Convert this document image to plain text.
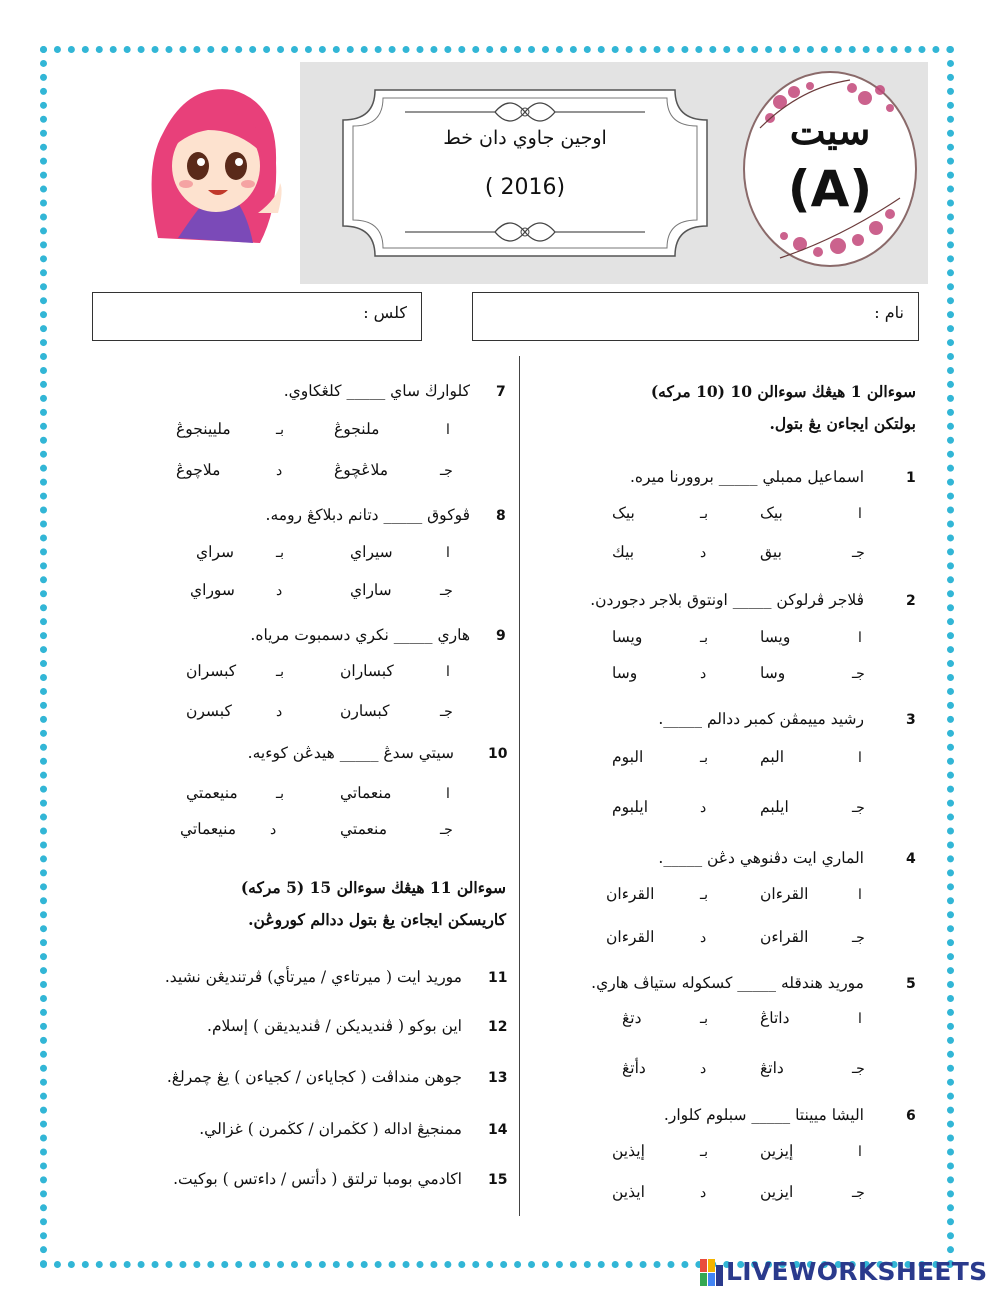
اوجين جاوي دان خط
( 2016)
سيت
(A)
كلس :	نام :
سوءالن 1 هيڠڬ سوءالن 10 (10 مركه)
بولتكن ايجاءن يڠ بتول.
1
اسماعيل ممبلي _____ بروورنا ميره.
ا
بيک
بـ
بيک
جـ
بيق
د
بيك
2
ڤلاجر ڤرلوكن _____ اونتوق بلاجر دجوردن.
ا
ويسا
بـ
ويسا
جـ
وسا
د
وسا
3
رشيد مييمڤن كمبر ددالم _____.
ا
البم
بـ
البوم
جـ
ايلبم
د
ايلبوم
4
الماري ايت دڤنوهي دڠن _____.
ا
القرءان
بـ
القرءان
جـ
القراءن
د
القرءان
5
موريد هندقله _____ كسكوله ستياڤ هاري.
ا
داتاڠ
بـ
دتڠ
جـ
داتڠ
د
دأتڠ
6
اليشا ميينتا _____ سبلوم كلوار.
ا
إيزين
بـ
إيذين
جـ
ايزين
د
ايذين
7
كلوارڬ ساي _____ كلڠكاوي.
ا
ملنجوڠ
بـ
مليينجوڠ
جـ
ملاڠچوڠ
د
ملاچوڠ
8
ڤوكوق _____ دتانم دبلاكڠ رومه.
ا
سيراي
بـ
سراي
جـ
ساراي
د
سوراي
9
هاري _____ نكري دسمبوت مرياه.
ا
كبساران
بـ
كبسران
جـ
كبسارن
د
كبسرن
10
سيتي سدڠ _____ هيدڠن كوءيه.
ا
منعماتي
بـ
منيعمتي
جـ
منعمتي
د
منيعماتي
سوءالن 11 هيڠڬ سوءالن 15 (5 مركه)
كاريسكن ايجاءن يڠ بتول ددالم كوروڠن.
11
موريد ايت ( ميرتاءي / ميرتأي) ڤرتنديڠن نشيد.
12
اين بوكو ( ڤنديديكن / ڤنديديقن ) إسلام.
13
جوهن منداڤت ( كجاياءن / كجياءن ) يڠ چمرلڠ.
14
ممنجيڠ اداله ( كڬمران / كڬمرن ) غزالي.
15
اكادمي بومبا ترلتق ( دأتس / داءتس ) بوكيت.
LIVEWORKSHEETS
